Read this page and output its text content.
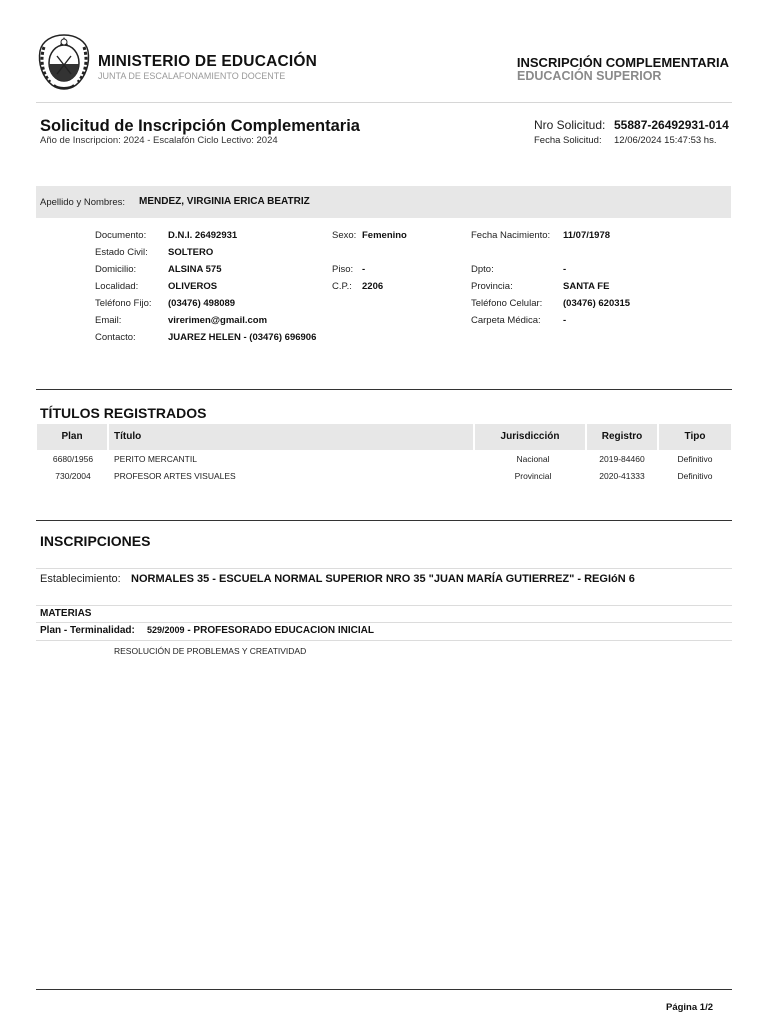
MINISTERIO DE EDUCACIÓN
JUNTA DE ESCALAFONAMIENTO DOCENTE
INSCRIPCIÓN COMPLEMENTARIA
EDUCACIÓN SUPERIOR
Solicitud de Inscripción Complementaria
Año de Inscripcion: 2024 - Escalafón Ciclo Lectivo: 2024
Nro Solicitud: 55887-26492931-014
Fecha Solicitud: 12/06/2024 15:47:53 hs.
Apellido y Nombres: MENDEZ, VIRGINIA ERICA BEATRIZ
Documento: D.N.I. 26492931	Sexo: Femenino	Fecha Nacimiento: 11/07/1978
Estado Civil: SOLTERO
Domicilio:	ALSINA 575	Piso: -	Dpto:	-
Localidad:	OLIVEROS	C.P.: 2206	Provincia:	SANTA FE
Teléfono Fijo: (03476) 498089	Teléfono Celular: (03476) 620315
Email:	virerimen@gmail.com	Carpeta Médica: -
Contacto:	JUAREZ HELEN - (03476) 696906
TÍTULOS REGISTRADOS
Plan	Título	Jurisdicción	Registro	Tipo
6680/1956	PERITO MERCANTIL	Nacional	2019-84460	Definitivo
730/2004	PROFESOR ARTES VISUALES	Provincial	2020-41333	Definitivo
INSCRIPCIONES
Establecimiento: NORMALES 35 - ESCUELA NORMAL SUPERIOR NRO 35 "JUAN MARÍA GUTIERREZ" - REGIóN 6
MATERIAS
Plan - Terminalidad: 529/2009 - PROFESORADO EDUCACION INICIAL
RESOLUCIÓN DE PROBLEMAS Y CREATIVIDAD
Página 1/2
